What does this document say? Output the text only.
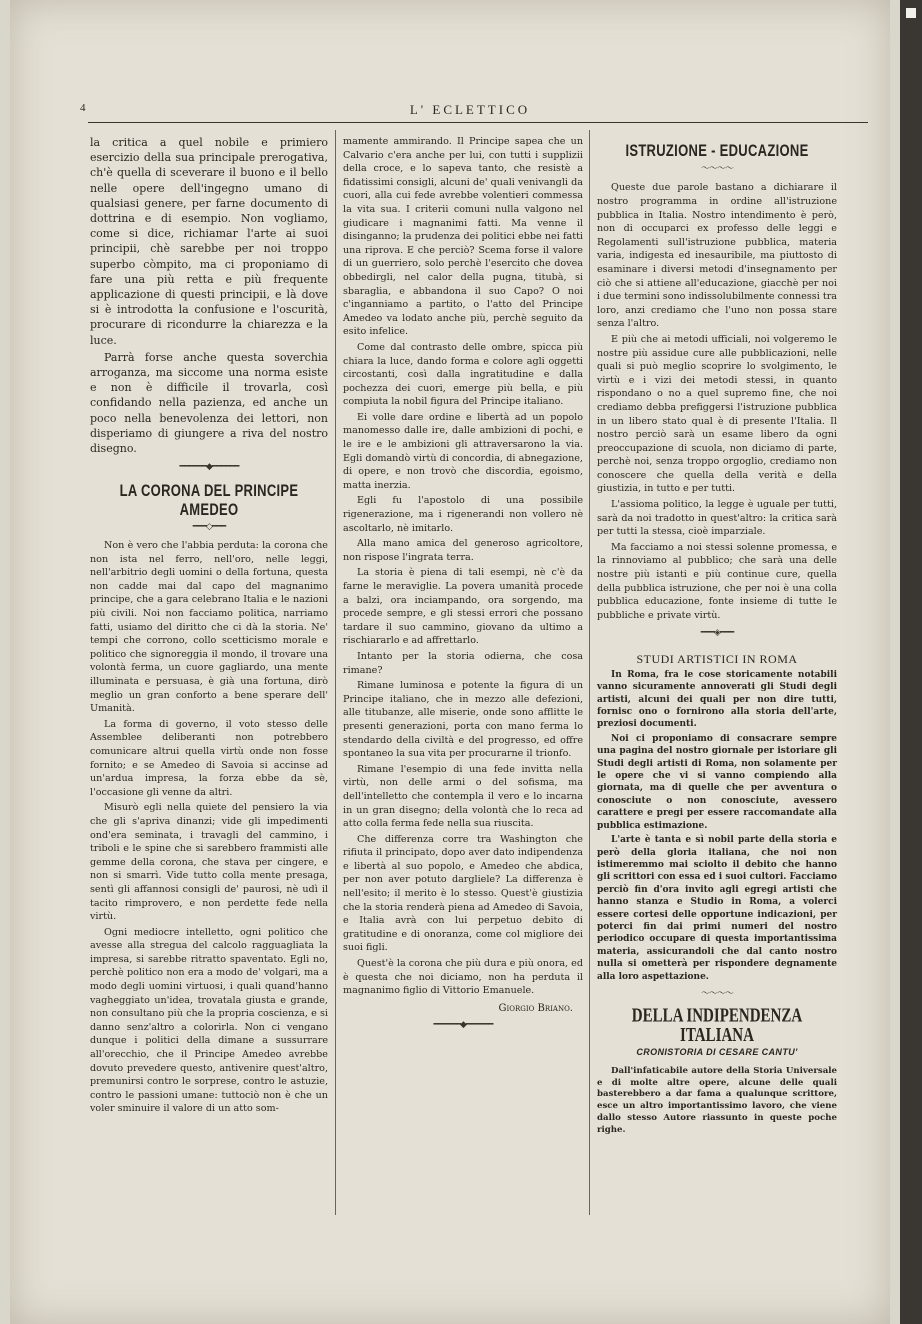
4	L' ECLETTICO

la critica a quel nobile e primiero esercizio della sua principale prerogativa, ch'è quella di sceverare il buono e il bello nelle opere dell'ingegno umano di qualsiasi genere, per farne documento di dottrina e di esempio. Non vogliamo, come si dice, richiamar l'arte ai suoi principii, chè sarebbe per noi troppo superbo còmpito, ma ci proponiamo di fare una più retta e più frequente applicazione di questi principii, e là dove si è introdotta la confusione e l'oscurità, procurare di ricondurre la chiarezza e la luce.

Parrà forse anche questa soverchia arroganza, ma siccome una norma esiste e non è difficile il trovarla, così confidando nella pazienza, ed anche un poco nella benevolenza dei lettori, non disperiamo di giungere a riva del nostro disegno.

━━━━━━◆━━━━━━
LA CORONA DEL PRINCIPE AMEDEO
━━━◇━━━

Non è vero che l'abbia perduta: la corona che non ista nel ferro, nell'oro, nelle leggi, nell'arbitrio degli uomini o della fortuna, questa non cadde mai dal capo del magnanimo principe, che a gara celebrano Italia e le nazioni più civili. Noi non facciamo politica, narriamo fatti, usiamo del diritto che ci dà la storia. Ne' tempi che corrono, collo scetticismo morale e politico che signoreggia il mondo, il trovare una volontà ferma, un cuore gagliardo, una mente illuminata e persuasa, è già una fortuna, dirò meglio un gran conforto a bene sperare dell' Umanità.

La forma di governo, il voto stesso delle Assemblee deliberanti non potrebbero comunicare altrui quella virtù onde non fosse fornito; e se Amedeo di Savoia si accinse ad un'ardua impresa, la forza ebbe da sè, l'occasione gli venne da altri.

Misurò egli nella quiete del pensiero la via che gli s'apriva dinanzi; vide gli impedimenti ond'era seminata, i travagli del cammino, i triboli e le spine che si sarebbero frammisti alle gemme della corona, che stava per cingere, e non si smarrì. Vide tutto colla mente presaga, sentì gli affannosi consigli de' paurosi, nè udì il tacito rimprovero, e non perdette fede nella virtù.

Ogni mediocre intelletto, ogni politico che avesse alla stregua del calcolo ragguagliata la impresa, si sarebbe ritratto spaventato. Egli no, perchè politico non era a modo de' volgari, ma a modo degli uomini virtuosi, i quali quand'hanno vagheggiato un'idea, trovatala giusta e grande, non consultano più che la propria coscienza, e si danno senz'altro a colorirla. Non ci vengano dunque i politici della dimane a sussurrare all'orecchio, che il Principe Amedeo avrebbe dovuto prevedere questo, antivenire quest'altro, premunirsi contro le sorprese, contro le astuzie, contro le passioni umane: tuttociò non è che un voler sminuire il valore di un atto som-

mamente ammirando. Il Principe sapea che un Calvario c'era anche per lui, con tutti i supplizii della croce, e lo sapeva tanto, che resistè a fidatissimi consigli, alcuni de' quali venivangli da cuori, alla cui fede avrebbe volentieri commessa la vita sua. I criterii comuni nulla valgono nel giudicare i magnanimi fatti. Ma venne il disinganno; la prudenza dei politici ebbe nei fatti una riprova. E che perciò? Scema forse il valore di un guerriero, solo perchè l'esercito che dovea obbedirgli, nel calor della pugna, titubà, si sbaraglia, e abbandona il suo Capo? O noi c'inganniamo a partito, o l'atto del Principe Amedeo va lodato anche più, perchè seguito da esito infelice.

Come dal contrasto delle ombre, spicca più chiara la luce, dando forma e colore agli oggetti circostanti, così dalla ingratitudine e dalla pochezza dei cuori, emerge più bella, e più compiuta la nobil figura del Principe italiano.

Ei volle dare ordine e libertà ad un popolo manomesso dalle ire, dalle ambizioni di pochi, e le ire e le ambizioni gli attraversarono la via. Egli domandò virtù di concordia, di abnegazione, di opere, e non trovò che discordia, egoismo, matta inerzia.

Egli fu l'apostolo di una possibile rigenerazione, ma i rigenerandi non vollero nè ascoltarlo, nè imitarlo.

Alla mano amica del generoso agricoltore, non rispose l'ingrata terra.

La storia è piena di tali esempi, nè c'è da farne le meraviglie. La povera umanità procede a balzi, ora inciampando, ora sorgendo, ma procede sempre, e gli stessi errori che possano tardare il suo cammino, giovano da ultimo a rischiararlo e ad affrettarlo.

Intanto per la storia odierna, che cosa rimane?

Rimane luminosa e potente la figura di un Principe italiano, che in mezzo alle defezioni, alle titubanze, alle miserie, onde sono afflitte le presenti generazioni, porta con mano ferma lo stendardo della civiltà e del progresso, ed offre spontaneo la sua vita per procurarne il trionfo.

Rimane l'esempio di una fede invitta nella virtù, non delle armi o del sofisma, ma dell'intelletto che contempla il vero e lo incarna in un gran disegno; della volontà che lo reca ad atto colla ferma fede nella sua riuscita.

Che differenza corre tra Washington che rifiuta il principato, dopo aver dato indipendenza e libertà al suo popolo, e Amedeo che abdica, per non aver potuto dargliele? La differenza è nell'esito; il merito è lo stesso. Quest'è giustizia che la storia renderà piena ad Amedeo di Savoia, e Italia avrà con lui perpetuo debito di gratitudine e di onoranza, come col migliore dei suoi figli.

Quest'è la corona che più dura e più onora, ed è questa che noi diciamo, non ha perduta il magnanimo figlio di Vittorio Emanuele.

Giorgio Briano.
━━━━━━◆━━━━━━
ISTRUZIONE - EDUCAZIONE
～～～～

Queste due parole bastano a dichiarare il nostro programma in ordine all'istruzione pubblica in Italia. Nostro intendimento è però, non di occuparci ex professo delle leggi e Regolamenti sull'istruzione pubblica, materia varia, indigesta ed inesauribile, ma piuttosto di esaminare i diversi metodi d'insegnamento per ciò che si attiene all'educazione, giacchè per noi i due termini sono indissolubilmente connessi tra loro, anzi crediamo che l'uno non possa stare senza l'altro.

E più che ai metodi ufficiali, noi volgeremo le nostre più assidue cure alle pubblicazioni, nelle quali si può meglio scoprire lo svolgimento, le virtù e i vizi dei metodi stessi, in quanto rispondano o no a quel supremo fine, che noi crediamo debba prefiggersi l'istruzione pubblica in un libero stato qual è di presente l'Italia. Il nostro perciò sarà un esame libero da ogni preoccupazione di scuola, non diciamo di parte, perchè noi, senza troppo orgoglio, crediamo non conoscere che quella della verità e della giustizia, in tutto e per tutti.

L'assioma politico, la legge è uguale per tutti, sarà da noi tradotto in quest'altro: la critica sarà per tutti la stessa, cioè imparziale.

Ma facciamo a noi stessi solenne promessa, e la rinnoviamo al pubblico; che sarà una delle nostre più istanti e più continue cure, quella della pubblica istruzione, che per noi è una colla pubblica educazione, fonte insieme di tutte le pubbliche e private virtù.

━━━◈━━━
STUDI ARTISTICI IN ROMA

In Roma, fra le cose storicamente notabili vanno sicuramente annoverati gli Studi degli artisti, alcuni dei quali per non dire tutti, fornisc ono o fornirono alla storia dell'arte, preziosi documenti.

Noi ci proponiamo di consacrare sempre una pagina del nostro giornale per istoriare gli Studi degli artisti di Roma, non solamente per le opere che vi si vanno compiendo alla giornata, ma di quelle che per avventura o conosciute o non conosciute, avessero carattere e pregi per essere raccomandate alla pubblica estimazione.

L'arte è tanta e sì nobil parte della storia e però della gloria italiana, che noi non istimeremmo mai sciolto il debito che hanno gli scrittori con essa ed i suoi cultori. Facciamo perciò fin d'ora invito agli egregi artisti che hanno stanza e Studio in Roma, a volerci essere cortesi delle opportune indicazioni, per poterci fin dai primi numeri del nostro periodico occupare di questa importantissima materia, assicurandoli che dal canto nostro nulla si ometterà per rispondere degnamente alla loro aspettazione.

～～～～
DELLA INDIPENDENZA ITALIANA
CRONISTORIA DI CESARE CANTU'

Dall'infaticabile autore della Storia Universale e di molte altre opere, alcune delle quali basterebbero a dar fama a qualunque scrittore, esce un altro importantissimo lavoro, che viene dallo stesso Autore riassunto in queste poche righe.
